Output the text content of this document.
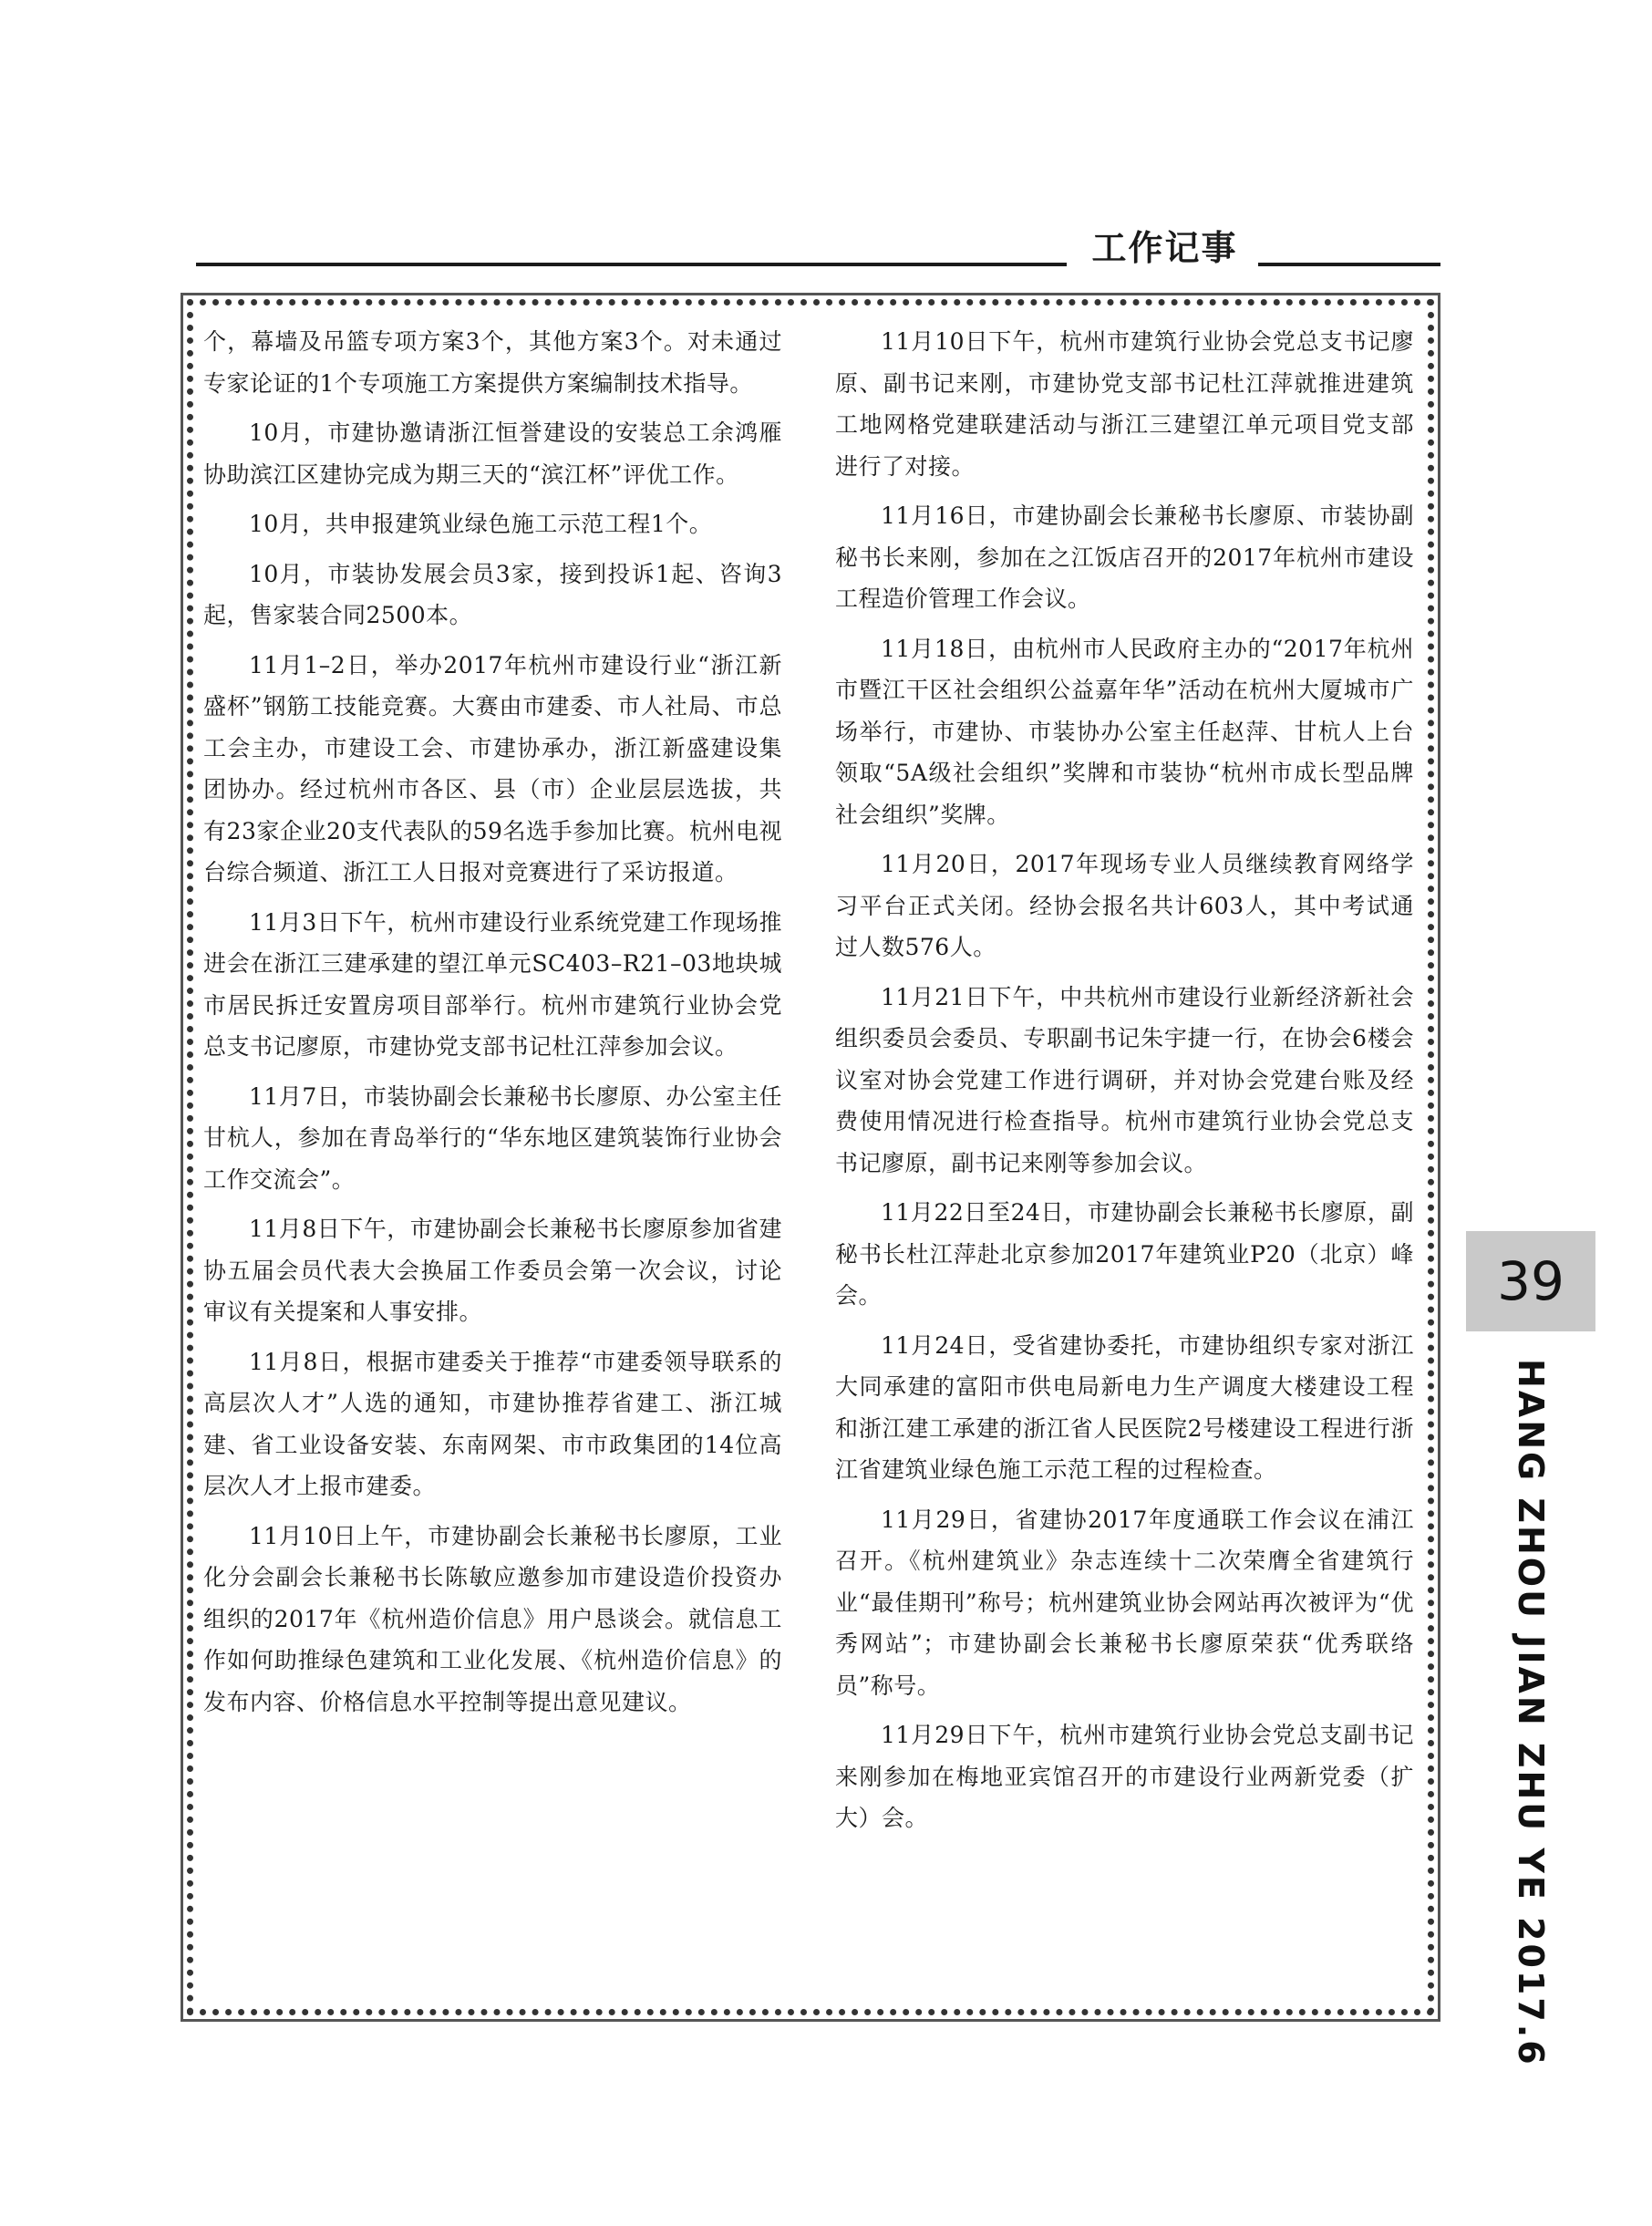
工作记事

个，幕墙及吊篮专项方案3个，其他方案3个。对未通过专家论证的1个专项施工方案提供方案编制技术指导。

10月，市建协邀请浙江恒誉建设的安装总工余鸿雁协助滨江区建协完成为期三天的“滨江杯”评优工作。

10月，共申报建筑业绿色施工示范工程1个。

10月，市装协发展会员3家，接到投诉1起、咨询3起，售家装合同2500本。

11月1–2日，举办2017年杭州市建设行业“浙江新盛杯”钢筋工技能竞赛。大赛由市建委、市人社局、市总工会主办，市建设工会、市建协承办，浙江新盛建设集团协办。经过杭州市各区、县（市）企业层层选拔，共有23家企业20支代表队的59名选手参加比赛。杭州电视台综合频道、浙江工人日报对竞赛进行了采访报道。

11月3日下午，杭州市建设行业系统党建工作现场推进会在浙江三建承建的望江单元SC403–R21–03地块城市居民拆迁安置房项目部举行。杭州市建筑行业协会党总支书记廖原，市建协党支部书记杜江萍参加会议。

11月7日，市装协副会长兼秘书长廖原、办公室主任甘杭人，参加在青岛举行的“华东地区建筑装饰行业协会工作交流会”。

11月8日下午，市建协副会长兼秘书长廖原参加省建协五届会员代表大会换届工作委员会第一次会议，讨论审议有关提案和人事安排。

11月8日，根据市建委关于推荐“市建委领导联系的高层次人才”人选的通知，市建协推荐省建工、浙江城建、省工业设备安装、东南网架、市市政集团的14位高层次人才上报市建委。

11月10日上午，市建协副会长兼秘书长廖原，工业化分会副会长兼秘书长陈敏应邀参加市建设造价投资办组织的2017年《杭州造价信息》用户恳谈会。就信息工作如何助推绿色建筑和工业化发展、《杭州造价信息》的发布内容、价格信息水平控制等提出意见建议。

11月10日下午，杭州市建筑行业协会党总支书记廖原、副书记来刚，市建协党支部书记杜江萍就推进建筑工地网格党建联建活动与浙江三建望江单元项目党支部进行了对接。

11月16日，市建协副会长兼秘书长廖原、市装协副秘书长来刚，参加在之江饭店召开的2017年杭州市建设工程造价管理工作会议。

11月18日，由杭州市人民政府主办的“2017年杭州市暨江干区社会组织公益嘉年华”活动在杭州大厦城市广场举行，市建协、市装协办公室主任赵萍、甘杭人上台领取“5A级社会组织”奖牌和市装协“杭州市成长型品牌社会组织”奖牌。

11月20日，2017年现场专业人员继续教育网络学习平台正式关闭。经协会报名共计603人，其中考试通过人数576人。

11月21日下午，中共杭州市建设行业新经济新社会组织委员会委员、专职副书记朱宇捷一行，在协会6楼会议室对协会党建工作进行调研，并对协会党建台账及经费使用情况进行检查指导。杭州市建筑行业协会党总支书记廖原，副书记来刚等参加会议。

11月22日至24日，市建协副会长兼秘书长廖原，副秘书长杜江萍赴北京参加2017年建筑业P20（北京）峰会。

11月24日，受省建协委托，市建协组织专家对浙江大同承建的富阳市供电局新电力生产调度大楼建设工程和浙江建工承建的浙江省人民医院2号楼建设工程进行浙江省建筑业绿色施工示范工程的过程检查。

11月29日，省建协2017年度通联工作会议在浦江召开。《杭州建筑业》杂志连续十二次荣膺全省建筑行业“最佳期刊”称号；杭州建筑业协会网站再次被评为“优秀网站”；市建协副会长兼秘书长廖原荣获“优秀联络员”称号。

11月29日下午，杭州市建筑行业协会党总支副书记来刚参加在梅地亚宾馆召开的市建设行业两新党委（扩大）会。

39
HANG ZHOU JIAN ZHU YE 2017.6
